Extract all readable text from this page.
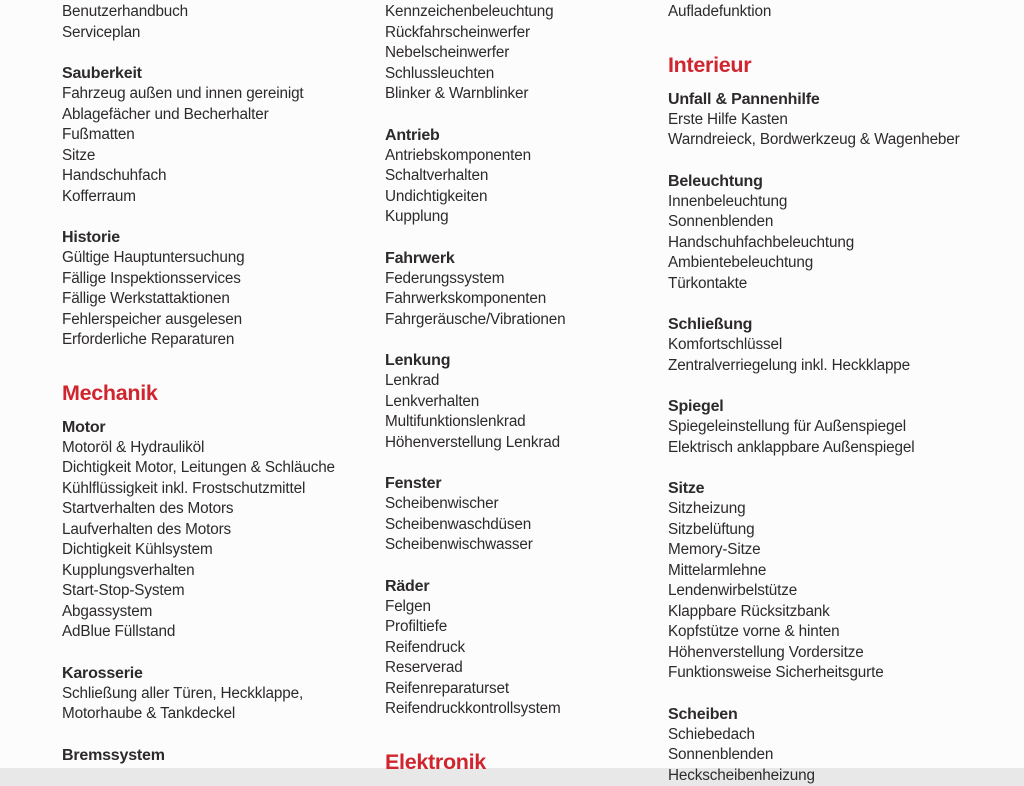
Benutzerhandbuch
Serviceplan
Sauberkeit
Fahrzeug außen und innen gereinigt
Ablagefächer und Becherhalter
Fußmatten
Sitze
Handschuhfach
Kofferraum
Historie
Gültige Hauptuntersuchung
Fällige Inspektionsservices
Fällige Werkstattaktionen
Fehlerspeicher ausgelesen
Erforderliche Reparaturen
Mechanik
Motor
Motoröl & Hydrauliköl
Dichtigkeit Motor, Leitungen & Schläuche
Kühlflüssigkeit inkl. Frostschutzmittel
Startverhalten des Motors
Laufverhalten des Motors
Dichtigkeit Kühlsystem
Kupplungsverhalten
Start-Stop-System
Abgassystem
AdBlue Füllstand
Karosserie
Schließung aller Türen, Heckklappe,
Motorhaube & Tankdeckel
Bremssystem
Kennzeichenbeleuchtung
Rückfahrscheinwerfer
Nebelscheinwerfer
Schlussleuchten
Blinker & Warnblinker
Antrieb
Antriebskomponenten
Schaltverhalten
Undichtigkeiten
Kupplung
Fahrwerk
Federungssystem
Fahrwerkskomponenten
Fahrgeräusche/Vibrationen
Lenkung
Lenkrad
Lenkverhalten
Multifunktionslenkrad
Höhenverstellung Lenkrad
Fenster
Scheibenwischer
Scheibenwaschdüsen
Scheibenwischwasser
Räder
Felgen
Profiltiefe
Reifendruck
Reserverad
Reifenreparaturset
Reifendruckkontrollsystem
Elektronik
Aufladefunktion
Interieur
Unfall & Pannenhilfe
Erste Hilfe Kasten
Warndreieck, Bordwerkzeug & Wagenheber
Beleuchtung
Innenbeleuchtung
Sonnenblenden
Handschuhfachbeleuchtung
Ambientebeleuchtung
Türkontakte
Schließung
Komfortschlüssel
Zentralverriegelung inkl. Heckklappe
Spiegel
Spiegeleinstellung für Außenspiegel
Elektrisch anklappbare Außenspiegel
Sitze
Sitzheizung
Sitzbelüftung
Memory-Sitze
Mittelarmlehne
Lendenwirbelstütze
Klappbare Rücksitzbank
Kopfstütze vorne & hinten
Höhenverstellung Vordersitze
Funktionsweise Sicherheitsgurte
Scheiben
Schiebedach
Sonnenblenden
Heckscheibenheizung
